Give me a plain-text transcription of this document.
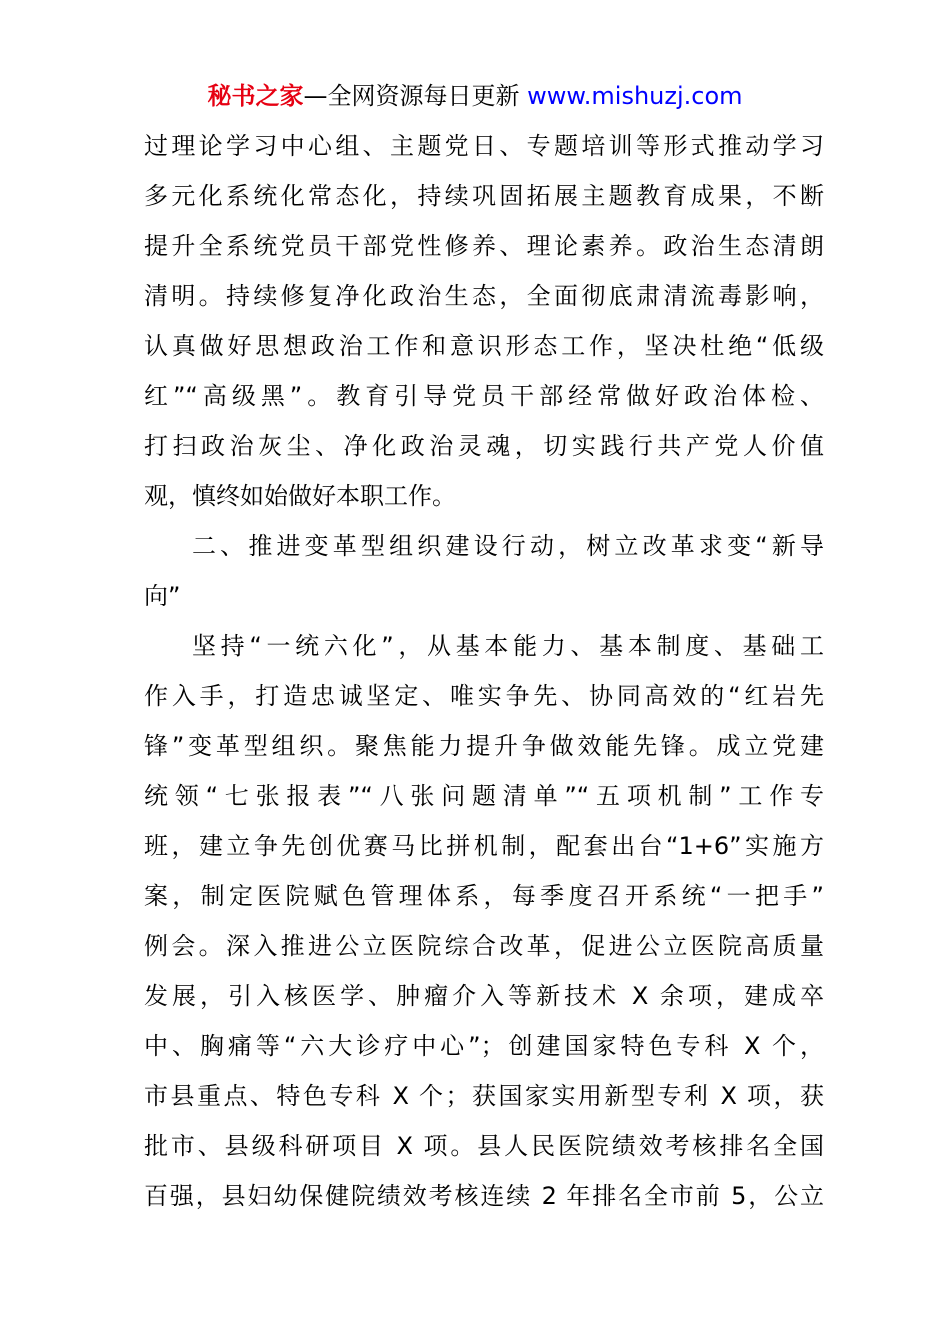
秘书之家—全网资源每日更新 www.mishuzj.com
过理论学习中心组、主题党日、专题培训等形式推动学习
多元化系统化常态化，持续巩固拓展主题教育成果，不断
提升全系统党员干部党性修养、理论素养。政治生态清朗
清明。持续修复净化政治生态，全面彻底肃清流毒影响，
认真做好思想政治工作和意识形态工作，坚决杜绝“低级
红”“高级黑”。教育引导党员干部经常做好政治体检、
打扫政治灰尘、净化政治灵魂，切实践行共产党人价值
观，慎终如始做好本职工作。
二、推进变革型组织建设行动，树立改革求变“新导
向”
坚持“一统六化”，从基本能力、基本制度、基础工
作入手，打造忠诚坚定、唯实争先、协同高效的“红岩先
锋”变革型组织。聚焦能力提升争做效能先锋。成立党建
统领“七张报表”“八张问题清单”“五项机制”工作专
班，建立争先创优赛马比拼机制，配套出台“1+6”实施方
案，制定医院赋色管理体系，每季度召开系统“一把手”
例会。深入推进公立医院综合改革，促进公立医院高质量
发展，引入核医学、肿瘤介入等新技术 X 余项，建成卒
中、胸痛等“六大诊疗中心”；创建国家特色专科 X 个，
市县重点、特色专科 X 个；获国家实用新型专利 X 项，获
批市、县级科研项目 X 项。县人民医院绩效考核排名全国
百强，县妇幼保健院绩效考核连续 2 年排名全市前 5，公立
